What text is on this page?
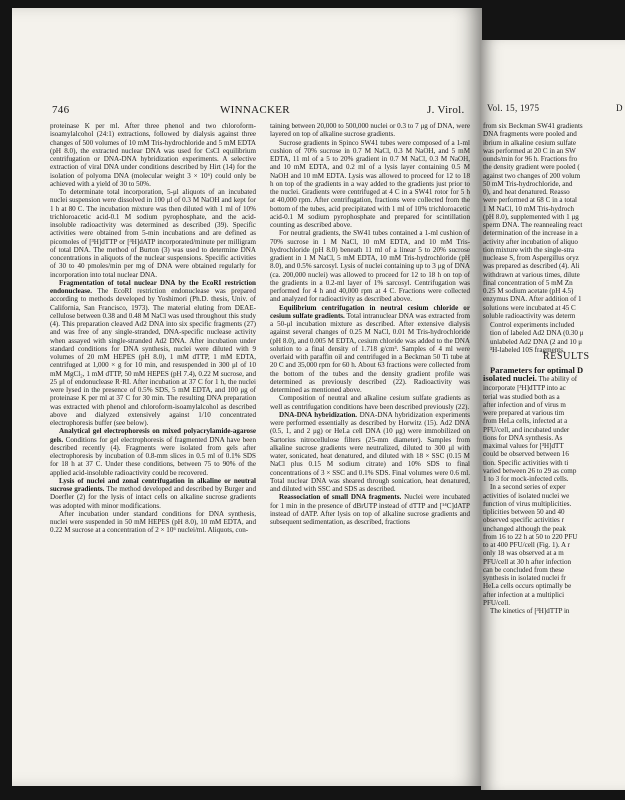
746	WINNACKER	J. Virol.

proteinase K per ml. After three phenol and two chloroform-isoamylalcohol (24:1) extractions, followed by dialysis against three changes of 500 volumes of 10 mM Tris-hydrochloride and 5 mM EDTA (pH 8.0), the extracted nuclear DNA was used for CsCl equilibrium centrifugation or DNA-DNA hybridization experiments. A selective extraction of viral DNA under conditions described by Hirt (14) for the isolation of polyoma DNA (molecular weight 3 × 10⁶) could only be achieved with a yield of 30 to 50%.

To determinate total incorporation, 5-μl aliquots of an incubated nuclei suspension were dissolved in 100 μl of 0.3 M NaOH and kept for 1 h at 80 C. The incubation mixture was then diluted with 1 ml of 10% trichloroacetic acid-0.1 M sodium pyrophosphate, and the acid-insoluble radioactivity was determined as described (39). Specific activities were obtained from 5-min incubations and are defined as picomoles of [³H]dTTP or [³H]dATP incorporated/minute per milligram of total DNA. The method of Burton (3) was used to determine DNA concentrations in aliquots of the nuclear suspensions. Specific activities of 30 to 40 pmoles/min per mg of DNA were obtained regularly for incorporation into total nuclear DNA.

Fragmentation of total nuclear DNA by the EcoRI restriction endonuclease. The EcoRI restriction endonuclease was prepared according to methods developed by Yoshimori (Ph.D. thesis, Univ. of California, San Francisco, 1973). The material eluting from DEAE-cellulose between 0.38 and 0.48 M NaCl was used throughout this study (4). This preparation cleaved Ad2 DNA into six specific fragments (27) and was free of any single-stranded, DNA-specific nuclease activity when assayed with single-stranded Ad2 DNA. After incubation under standard conditions for DNA synthesis, nuclei were diluted with 9 volumes of 20 mM HEPES (pH 8.0), 1 mM dTTP, 1 mM EDTA, centrifuged at 1,000 × g for 10 min, and resuspended in 300 μl of 10 mM MgCl₂, 1 mM dTTP, 50 mM HEPES (pH 7.4), 0.22 M sucrose, and 25 μl of endonuclease R·RI. After incubation at 37 C for 1 h, the nuclei were lysed in the presence of 0.5% SDS, 5 mM EDTA, and 100 μg of proteinase K per ml at 37 C for 30 min. The resulting DNA preparation was extracted with phenol and chloroform-isoamylalcohol as described above and dialyzed extensively against 1/10 concentrated electrophoresis buffer (see below).

Analytical gel electrophoresis on mixed polyacrylamide-agarose gels. Conditions for gel electrophoresis of fragmented DNA have been described recently (4). Fragments were isolated from gels after electrophoresis by incubation of 0.8-mm slices in 0.5 ml of 0.1% SDS for 18 h at 37 C. Under these conditions, between 75 to 90% of the applied acid-insoluble radioactivity could be recovered.

Lysis of nuclei and zonal centrifugation in alkaline or neutral sucrose gradients. The method developed and described by Burger and Doerfler (2) for the lysis of intact cells on alkaline sucrose gradients was adopted with minor modifications.

After incubation under standard conditions for DNA synthesis, nuclei were suspended in 50 mM HEPES (pH 8.0), 10 mM EDTA, and 0.22 M sucrose at a concentration of 2 × 10⁶ nuclei/ml. Aliquots, con-

taining between 20,000 to 500,000 nuclei or 0.3 to 7 μg of DNA, were layered on top of alkaline sucrose gradients.

Sucrose gradients in Spinco SW41 tubes were composed of a 1-ml cushion of 70% sucrose in 0.7 M NaCl, 0.3 M NaOH, and 5 mM EDTA, 11 ml of a 5 to 20% gradient in 0.7 M NaCl, 0.3 M NaOH, and 10 mM EDTA, and 0.2 ml of a lysis layer containing 0.5 M NaOH and 10 mM EDTA. Lysis was allowed to proceed for 12 to 18 h on top of the gradients in a way added to the gradients just prior to the nuclei. Gradients were centrifuged at 4 C in a SW41 rotor for 5 h at 40,000 rpm. After centrifugation, fractions were collected from the bottom of the tubes, acid precipitated with 1 ml of 10% trichloroacetic acid-0.1 M sodium pyrophosphate and prepared for scintillation counting as described above.

For neutral gradients, the SW41 tubes contained a 1-ml cushion of 70% sucrose in 1 M NaCl, 10 mM EDTA, and 10 mM Tris-hydrochloride (pH 8.0) beneath 11 ml of a linear 5 to 20% sucrose gradient in 1 M NaCl, 5 mM EDTA, 10 mM Tris-hydrochloride (pH 8.0), and 0.5% sarcosyl. Lysis of nuclei containing up to 3 μg of DNA (ca. 200,000 nuclei) was allowed to proceed for 12 to 18 h on top of the gradients in a 0.2-ml layer of 1% sarcosyl. Centrifugation was performed for 4 h and 40,000 rpm at 4 C. Fractions were collected and analyzed for radioactivity as described above.

Equilibrium centrifugation in neutral cesium chloride or cesium sulfate gradients. Total intranuclear DNA was extracted from a 50-μl incubation mixture as described. After extensive dialysis against several changes of 0.25 M NaCl, 0.01 M Tris-hydrochloride (pH 8.0), and 0.005 M EDTA, cesium chloride was added to the DNA solution to a final density of 1.718 g/cm³. Samples of 4 ml were overlaid with paraffin oil and centrifuged in a Beckman 50 Ti tube at 20 C and 35,000 rpm for 60 h. About 63 fractions were collected from the bottom of the tubes and the density gradient profile was determined as previously described (22). Radioactivity was determined as mentioned above.

Composition of neutral and alkaline cesium sulfate gradients as well as centrifugation conditions have been described previously (22).

DNA-DNA hybridization. DNA-DNA hybridization experiments were performed essentially as described by Horwitz (15). Ad2 DNA (0.5, 1, and 2 μg) or HeLa cell DNA (10 μg) were immobilized on Sartorius nitrocellulose filters (25-mm diameter). Samples from alkaline sucrose gradients were neutralized, diluted to 300 μl with water, sonicated, heat denatured, and diluted with 18 × SSC (0.15 M NaCl plus 0.15 M sodium citrate) and 10% SDS to final concentrations of 3 × SSC and 0.1% SDS. Final volumes were 0.6 ml. Total nuclear DNA was sheared through sonication, heat denatured, and diluted with SSC and SDS as described.

Reassociation of small DNA fragments. Nuclei were incubated for 1 min in the presence of dBrUTP instead of dTTP and [¹⁴C]dATP instead of dATP. After lysis on top of alkaline sucrose gradients and subsequent sedimentation, as described, fractions

Vol. 15, 1975	D
from six Beckman SW41 gradients
DNA fragments were pooled and
ibrium in alkaline cesium sulfate
was performed at 20 C in an SW
ounds/min for 96 h. Fractions fro
the density gradient were pooled (
against two changes of 200 volum
50 mM Tris-hydrochloride, and
0), and heat denatured. Reasso
were performed at 68 C in a total
1 M NaCl, 10 mM Tris-hydroch
(pH 8.0), supplemented with 1 μg
sperm DNA. The reannealing react
determination of the increase in a
activity after incubation of aliquo
tion mixture with the single-stra
nuclease S, from Aspergillus oryz
was prepared as described (4). Ali
withdrawn at various times, dilute
final concentration of 5 mM Zn
0.25 M sodium acetate (pH 4.5)
enzymus DNA. After addition of 1
solutions were incubated at 45 C
soluble radioactivity was determ
Control experiments included
tion of labeled Ad2 DNA (0.30 μ
unlabeled Ad2 DNA (2 and 10 μ
³H-labeled 10S fragments.
RESULTS
Parameters for optimal D
isolated nuclei. The ability of
incorporate [³H]dTTP into ac
terial was studied both as a
after infection and of virus m
were prepared at various tim
from HeLa cells, infected at a
PFU/cell, and incubated under
tions for DNA synthesis. As
maximal values for [³H]dTT
could be observed between 16
tion. Specific activities with ti
varied between 26 to 29 as comp
1 to 3 for mock-infected cells.
In a second series of exper
activities of isolated nuclei we
function of virus multiplicities.
tiplicities between 50 and 40
observed specific activities r
unchanged although the peak
from 16 to 22 h at 50 to 220 PFU
to at 400 PFU/cell (Fig. 1). A r
only 18 was observed at a m
PFU/cell at 30 h after infection
can be concluded from these
synthesis in isolated nuclei fr
HeLa cells occurs optimally be
after infection at a multiplici
PFU/cell.
The kinetics of [³H]dTTP in
